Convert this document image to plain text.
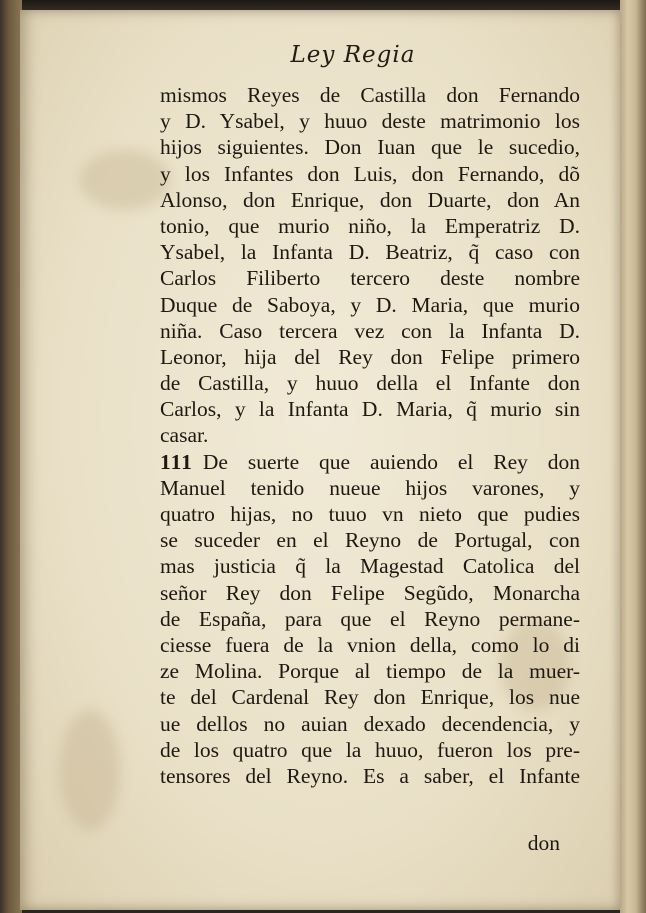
Ley Regia
mismos Reyes de Castilla don Fernando
y D. Ysabel, y huuo deste matrimonio los
hijos siguientes. Don Iuan que le sucedio,
y los Infantes don Luis, don Fernando, dõ
Alonso, don Enrique, don Duarte, don An
tonio, que murio niño, la Emperatriz D.
Ysabel, la Infanta D. Beatriz, q̃ caso con
Carlos Filiberto tercero deste nombre
Duque de Saboya, y D. Maria, que murio
niña. Caso tercera vez con la Infanta D.
Leonor, hija del Rey don Felipe primero
de Castilla, y huuo della el Infante don
Carlos, y la Infanta D. Maria, q̃ murio sin
casar.
111 De suerte que auiendo el Rey don
Manuel tenido nueue hijos varones, y
quatro hijas, no tuuo vn nieto que pudies
se suceder en el Reyno de Portugal, con
mas justicia q̃ la Magestad Catolica del
señor Rey don Felipe Segũdo, Monarcha
de España, para que el Reyno permane-
ciesse fuera de la vnion della, como lo di
ze Molina. Porque al tiempo de la muer-
te del Cardenal Rey don Enrique, los nue
ue dellos no auian dexado decendencia, y
de los quatro que la huuo, fueron los pre-
tensores del Reyno. Es a saber, el Infante
don
